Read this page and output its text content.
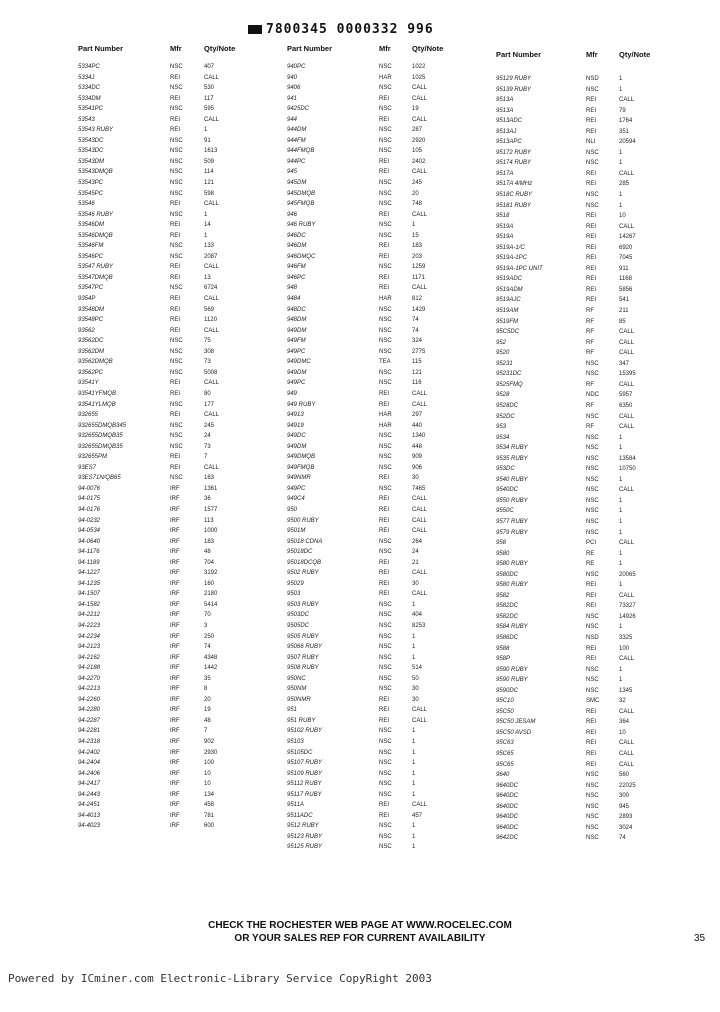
7800345 0000332 996
Part Number	Mfr	Qty/Note
5334PC	NSC	407
5334J	REI	CALL
5334DC	NSC	530
5334DM	REI	117
53541PC	NSC	595
53543	REI	CALL
53543 RUBY	REI	1
53543DC	NSC	91
53543DC	NSC	1613
53543DM	NSC	509
53543DMQB	NSC	114
53543PC	NSC	121
53545PC	NSC	598
53546	REI	CALL
53546 RUBY	NSC	1
53546DM	REI	14
53546DMQB	REI	1
53546FM	NSC	133
53546PC	NSC	2087
53547 RUBY	REI	CALL
53547DMQB	REI	13
53547PC	NSC	6724
9354P	REI	CALL
93548DM	REI	569
93548PC	REI	1120
93562	REI	CALL
93562DC	NSC	75
93562DM	NSC	308
93562DMQB	NSC	73
93562PC	NSC	5008
93541Y	REI	CALL
93541YFMQB	REI	80
93541YLMQB	NSC	177
932655	REI	CALL
932655DMQB345	NSC	245
932655DMQB35	NSC	24
932655DMQB35	NSC	73
932655PM	REI	7
93ES7	REI	CALL
93ES71N/QB65	NSC	163
94-0076	IRF	1361
94-0175	IRF	36
94-0176	IRF	1577
94-0232	IRF	113
94-0534	IRF	1000
94-0640	IRF	183
94-1176	IRF	48
94-1189	IRF	704
94-1227	IRF	3192
94-1235	IRF	160
94-1507	IRF	2180
94-1582	IRF	5414
94-2212	IRF	70
94-2223	IRF	3
94-2234	IRF	250
94-2123	IRF	74
94-2162	IRF	4348
94-2188	IRF	1442
94-2270	IRF	35
94-2213	IRF	8
94-2260	IRF	20
94-2280	IRF	19
94-2287	IRF	48
94-2281	IRF	7
94-2318	IRF	902
94-2402	IRF	2930
94-2404	IRF	100
94-2406	IRF	10
94-2417	IRF	10
94-2443	IRF	134
94-2451	IRF	458
94-4013	IRF	781
94-4023	IRF	600
Part Number	Mfr	Qty/Note
940PC	NSC	1022
940	HAR	1025
9406	NSC	CALL
941	REI	CALL
9425DC	NSC	19
944	REI	CALL
944DM	NSC	287
944FM	NSC	2920
944FMQB	NSC	105
944PC	REI	2402
945	REI	CALL
945DM	NSC	245
945DMQB	NSC	20
945FMQB	NSC	748
946	REI	CALL
946 RUBY	NSC	1
946DC	NSC	15
946DM	REI	183
946DMQC	REI	203
946FM	NSC	1259
946PC	REI	1171
948	REI	CALL
9484	HAR	812
948DC	NSC	1429
948DM	NSC	74
949DM	NSC	74
949FM	NSC	324
949PC	NSC	2775
949DMC	TEA	115
949DM	NSC	121
949PC	NSC	116
949	REI	CALL
949 RUBY	REI	CALL
94913	HAR	297
94919	HAR	440
949DC	NSC	1340
949DM	NSC	448
949DMQB	NSC	909
949FMQB	NSC	906
949NMR	REI	30
949PC	NSC	7465
949C4	REI	CALL
950	REI	CALL
9500 RUBY	REI	CALL
9501M	REI	CALL
95018 CDNA	NSC	264
95018DC	NSC	24
95018DCQB	REI	21
9502 RUBY	REI	CALL
95029	REI	30
9503	REI	CALL
9503 RUBY	NSC	1
9503DC	NSC	404
9505DC	NSC	8253
9505 RUBY	NSC	1
95066 RUBY	NSC	1
9507 RUBY	NSC	1
9508 RUBY	NSC	514
950NC	NSC	50
950NM	NSC	30
950NMR	REI	30
951	REI	CALL
951 RUBY	REI	CALL
95102 RUBY	NSC	1
95103	NSC	1
95105DC	NSC	1
95107 RUBY	NSC	1
95109 RUBY	NSC	1
95112 RUBY	NSC	1
95117 RUBY	NSC	1
9511A	REI	CALL
9511ADC	REI	457
9512 RUBY	NSC	1
95123 RUBY	NSC	1
95125 RUBY	NSC	1
Part Number	Mfr	Qty/Note
95129 RUBY	NSD	1
95139 RUBY	NSC	1
9513A	REI	CALL
9513A	REI	79
9513ADC	REI	1764
9513AJ	REI	351
9513APC	NLI	20594
95172 RUBY	NSC	1
95174 RUBY	NSC	1
9517A	REI	CALL
9517A 4/MHz	REI	285
9518C RUBY	NSC	1
95181 RUBY	NSC	1
9518	REI	10
9519A	REI	CALL
9519A	REI	14267
9519A-1/C	REI	6920
9519A-1PC	REI	7045
9519A-1PC UNIT	REI	911
9519ADC	REI	1168
9519ADM	REI	5856
9519AJC	REI	541
9519AM	RF	211
9519FM	RF	85
95C5DC	RF	CALL
952	RF	CALL
9520	RF	CALL
95231	NSC	347
95231DC	NSC	15395
9525FMQ	RF	CALL
9528	NDC	5957
9528DC	RF	6350
952DC	NSC	CALL
953	RF	CALL
9534	NSC	1
9534 RUBY	NSC	1
9535 RUBY	NSC	13584
953DC	NSC	10750
9540 RUBY	NSC	1
9540DC	NSC	CALL
9550 RUBY	NSC	1
9550C	NSC	1
9577 RUBY	NSC	1
9579 RUBY	NSC	1
958	PCI	CALL
9580	RE	1
9580 RUBY	RE	1
9580DC	NSC	20065
9580 RUBY	REI	1
9582	REI	CALL
9582DC	REI	73327
9582DC	NSC	14926
9584 RUBY	NSC	1
9586DC	NSD	3325
9588	REI	100
958P	REI	CALL
9590 RUBY	NSC	1
9590 RUBY	NSC	1
9590DC	NSC	1345
95C10	SMC	32
95C50	REI	CALL
95C50 JESAM	REI	364
95C50 AVSD	REI	10
95C63	REI	CALL
95C65	REI	CALL
95C65	REI	CALL
9640	NSC	560
9640DC	NSC	22025
9640DC	NSC	300
9640DC	NSC	945
9640DC	NSC	2893
9640DC	NSC	3024
9642DC	NSC	74
CHECK THE ROCHESTER WEB PAGE AT WWW.ROCELEC.COM
OR YOUR SALES REP FOR CURRENT AVAILABILITY	35
Powered by ICminer.com Electronic-Library Service CopyRight 2003
